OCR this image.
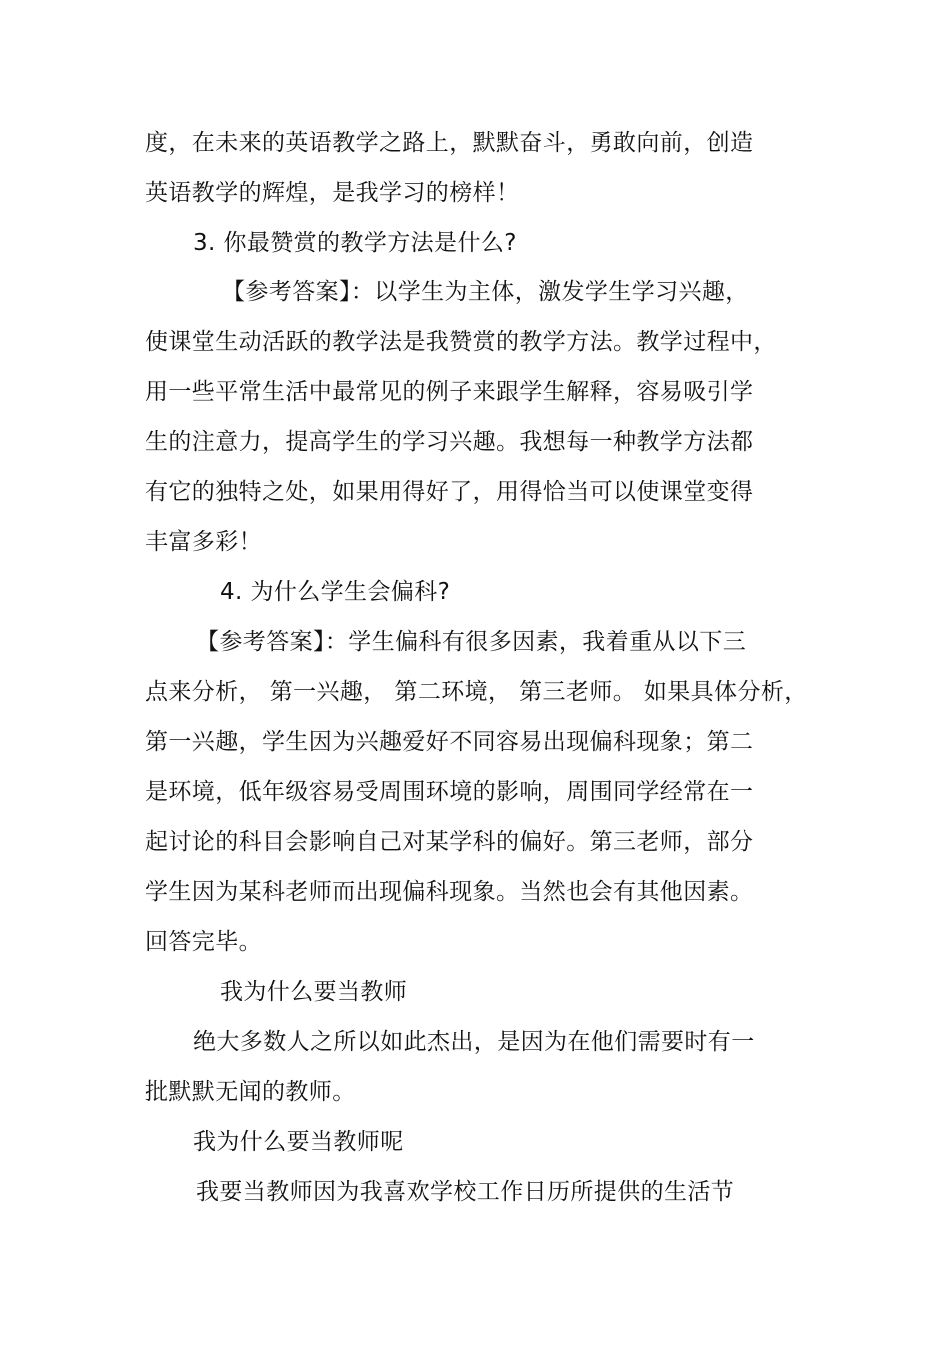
度，在未来的英语教学之路上，默默奋斗，勇敢向前，创造
英语教学的辉煌，是我学习的榜样！
3. 你最赞赏的教学方法是什么?
【参考答案】：以学生为主体，激发学生学习兴趣，
使课堂生动活跃的教学法是我赞赏的教学方法。教学过程中，
用一些平常生活中最常见的例子来跟学生解释，容易吸引学
生的注意力，提高学生的学习兴趣。我想每一种教学方法都
有它的独特之处，如果用得好了，用得恰当可以使课堂变得
丰富多彩！
4. 为什么学生会偏科?
【参考答案】：学生偏科有很多因素，我着重从以下三
点来分析， 第一兴趣， 第二环境， 第三老师。 如果具体分析，
第一兴趣，学生因为兴趣爱好不同容易出现偏科现象；第二
是环境，低年级容易受周围环境的影响，周围同学经常在一
起讨论的科目会影响自己对某学科的偏好。第三老师，部分
学生因为某科老师而出现偏科现象。当然也会有其他因素。
回答完毕。
我为什么要当教师
绝大多数人之所以如此杰出，是因为在他们需要时有一
批默默无闻的教师。
我为什么要当教师呢
我要当教师因为我喜欢学校工作日历所提供的生活节
